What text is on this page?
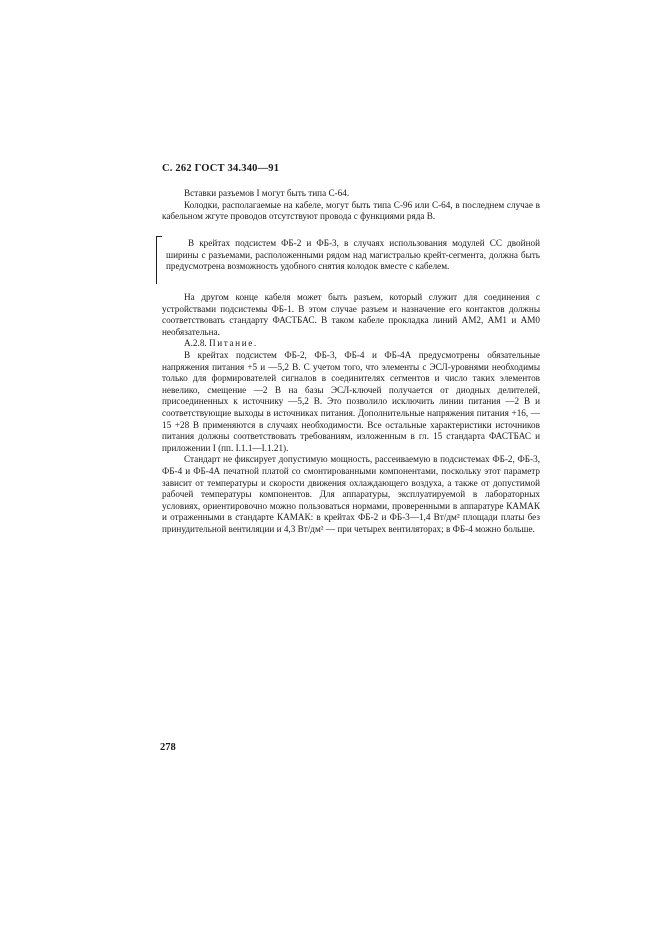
С. 262 ГОСТ 34.340—91

Вставки разъемов I могут быть типа С-64.

Колодки, располагаемые на кабеле, могут быть типа С-96 или С-64, в последнем случае в кабельном жгуте проводов отсутствуют провода с функциями ряда В.

В крейтах подсистем ФБ-2 и ФБ-3, в случаях использования модулей СС двойной ширины с разъемами, расположенными рядом над магистралью крейт-сегмента, должна быть предусмотрена возможность удобного снятия колодок вместе с кабелем.

На другом конце кабеля может быть разъем, который служит для соединения с устройствами подсистемы ФБ-1. В этом случае разъем и назначение его контактов должны соответствовать стандарту ФАСТБАС. В таком кабеле прокладка линий АМ2, АМ1 и АМ0 необязательна.

А.2.8. Питание.

В крейтах подсистем ФБ-2, ФБ-3, ФБ-4 и ФБ-4А предусмотрены обязательные напряжения питания +5 и —5,2 В. С учетом того, что элементы с ЭСЛ-уровнями необходимы только для формирователей сигналов в соединителях сегментов и число таких элементов невелико, смещение —2 В на базы ЭСЛ-ключей получается от диодных делителей, присоединенных к источнику —5,2 В. Это позволило исключить линии питания —2 В и соответствующие выходы в источниках питания. Дополнительные напряжения питания +16, —15 +28 В применяются в случаях необходимости. Все остальные характеристики источников питания должны соответствовать требованиям, изложенным в гл. 15 стандарта ФАСТБАС и приложении I (пп. I.1.1—I.1.21).

Стандарт не фиксирует допустимую мощность, рассеиваемую в подсистемах ФБ-2, ФБ-3, ФБ-4 и ФБ-4А печатной платой со смонтированными компонентами, поскольку этот параметр зависит от температуры и скорости движения охлаждающего воздуха, а также от допустимой рабочей температуры компонентов. Для аппаратуры, эксплуатируемой в лабораторных условиях, ориентировочно можно пользоваться нормами, проверенными в аппаратуре КАМАК и отраженными в стандарте КАМАК: в крейтах ФБ-2 и ФБ-3—1,4 Вт/дм² площади платы без принудительной вентиляции и 4,3 Вт/дм² — при четырех вентиляторах; в ФБ-4 можно больше.

278
